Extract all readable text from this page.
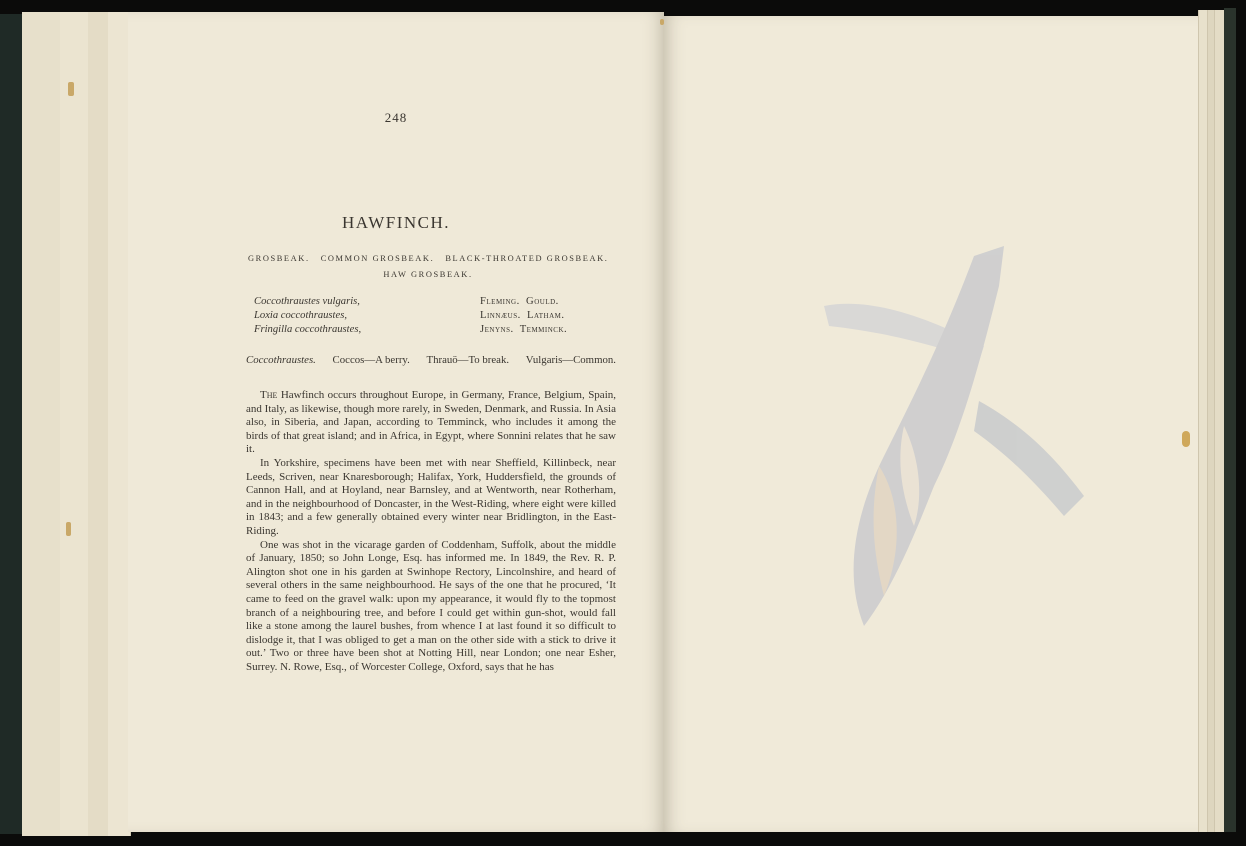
248
HAWFINCH.
GROSBEAK.   COMMON GROSBEAK.   BLACK-THROATED GROSBEAK.
HAW GROSBEAK.
Coccothraustes vulgaris,
Loxia coccothraustes,
Fringilla coccothraustes,
Fleming.  Gould.
Linnæus.  Latham.
Jenyns.  Temminck.
Coccothraustes. Coccos—A berry. Thrauö—To break. Vulgaris—Common.

The Hawfinch occurs throughout Europe, in Germany, France, Belgium, Spain, and Italy, as likewise, though more rarely, in Sweden, Denmark, and Russia. In Asia also, in Siberia, and Japan, according to Temminck, who includes it among the birds of that great island; and in Africa, in Egypt, where Sonnini relates that he saw it.

In Yorkshire, specimens have been met with near Sheffield, Killinbeck, near Leeds, Scriven, near Knaresborough; Halifax, York, Huddersfield, the grounds of Cannon Hall, and at Hoyland, near Barnsley, and at Wentworth, near Rotherham, and in the neighbourhood of Doncaster, in the West-Riding, where eight were killed in 1843; and a few generally obtained every winter near Bridlington, in the East-Riding.

One was shot in the vicarage garden of Coddenham, Suffolk, about the middle of January, 1850; so John Longe, Esq. has informed me. In 1849, the Rev. R. P. Alington shot one in his garden at Swinhope Rectory, Lincolnshire, and heard of several others in the same neighbourhood. He says of the one that he procured, ‘It came to feed on the gravel walk: upon my appearance, it would fly to the topmost branch of a neighbouring tree, and before I could get within gun-shot, would fall like a stone among the laurel bushes, from whence I at last found it so difficult to dislodge it, that I was obliged to get a man on the other side with a stick to drive it out.’ Two or three have been shot at Notting Hill, near London; one near Esher, Surrey. N. Rowe, Esq., of Worcester College, Oxford, says that he has
